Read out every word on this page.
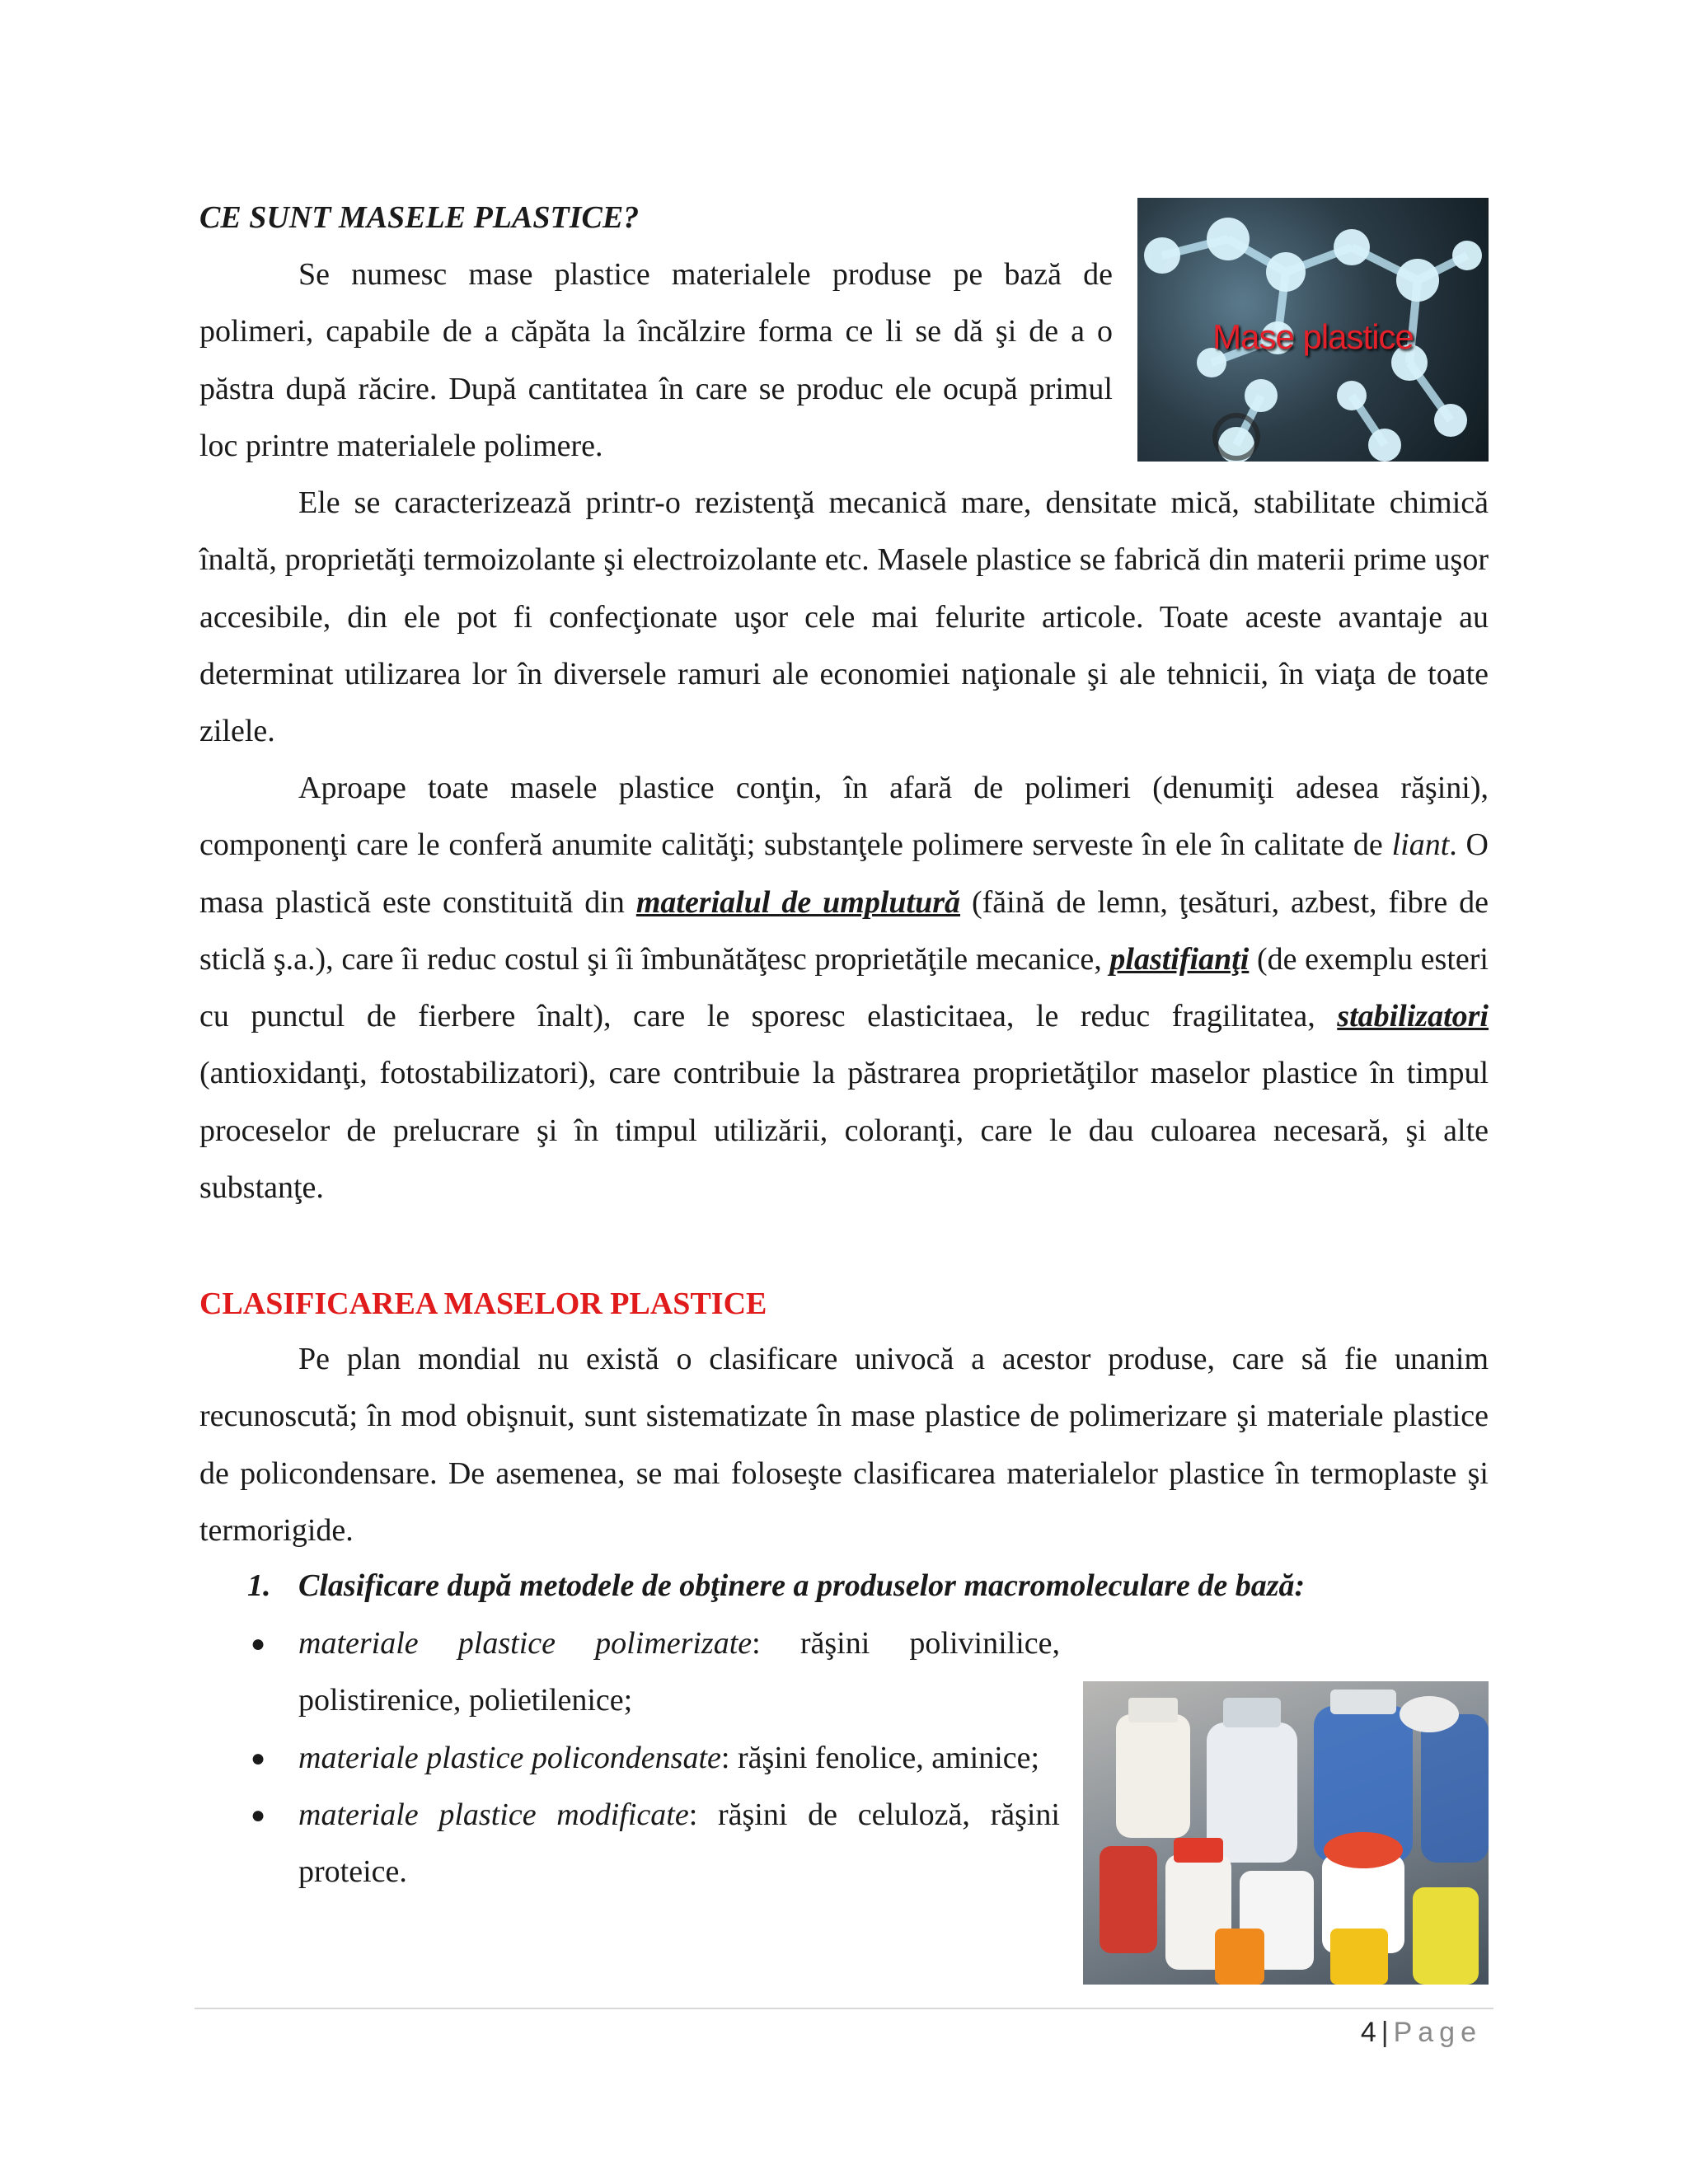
CE SUNT MASELE PLASTICE?

Se numesc mase plastice materialele produse pe bază de polimeri, capabile de a căpăta la încălzire forma ce li se dă şi de a o păstra după răcire. După cantitatea în care se produc ele ocupă primul loc printre materialele polimere.

Mase plastice

Ele se caracterizează printr-o rezistenţă mecanică mare, densitate mică, stabilitate chimică înaltă, proprietăţi termoizolante şi electroizolante etc. Masele plastice se fabrică din materii prime uşor accesibile, din ele pot fi confecţionate uşor cele mai felurite articole. Toate aceste avantaje au determinat utilizarea lor în diversele ramuri ale economiei naţionale şi ale tehnicii, în viaţa de toate zilele.

Aproape toate masele plastice conţin, în afară de polimeri (denumiţi adesea răşini), componenţi care le conferă anumite calităţi; substanţele polimere serveste în ele în calitate de liant. O masa plastică este constituită din materialul de umplutură (făină de lemn, ţesături, azbest, fibre de sticlă ş.a.), care îi reduc costul şi îi îmbunătăţesc proprietăţile mecanice, plastifianţi (de exemplu esteri cu punctul de fierbere înalt), care le sporesc elasticitaea, le reduc fragilitatea, stabilizatori (antioxidanţi, fotostabilizatori), care contribuie la păstrarea proprietăţilor maselor plastice în timpul proceselor de prelucrare şi în timpul utilizării, coloranţi, care le dau culoarea necesară, şi alte substanţe.

CLASIFICAREA MASELOR PLASTICE

Pe plan mondial nu există o clasificare univocă a acestor produse, care să fie unanim recunoscută; în mod obişnuit, sunt sistematizate în mase plastice de polimerizare şi materiale plastice de policondensare. De asemenea, se mai foloseşte clasificarea materialelor plastice în termoplaste şi termorigide.

1. Clasificare după metodele de obţinere a produselor macromoleculare de bază:
● materiale plastice polimerizate: răşini polivinilice, polistirenice, polietilenice;
● materiale plastice policondensate: răşini fenolice, aminice;
● materiale plastice modificate: răşini de celuloză, răşini proteice.
4 | Page
